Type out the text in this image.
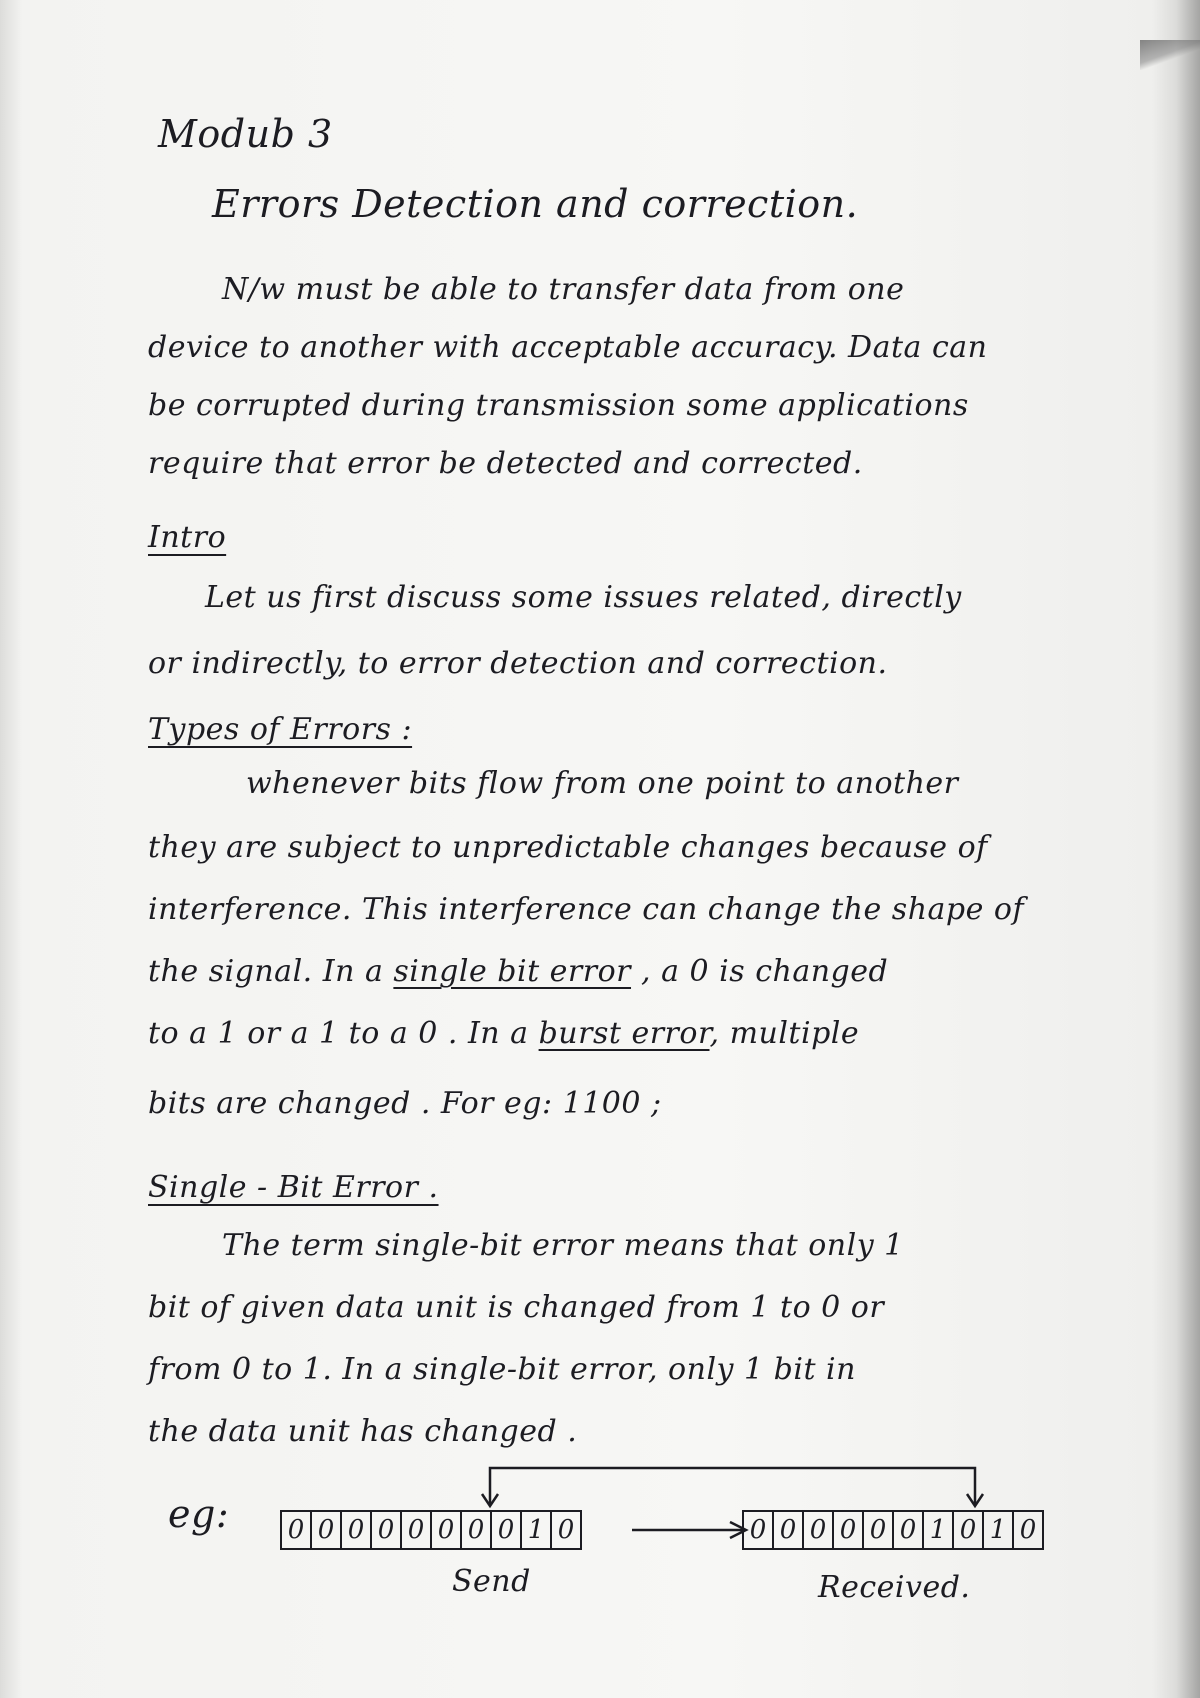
Modub 3
Errors Detection and correction.
N/w must be able to transfer data from one
device to another with acceptable accuracy. Data can
be corrupted during transmission some applications
require that error be detected and corrected.
Intro
Let us first discuss some issues related, directly
or indirectly, to error detection and correction.
Types of Errors :
whenever bits flow from one point to another
they are subject to unpredictable changes because of
interference. This interference can change the shape of
the signal. In a single bit error , a 0 is changed
to a 1 or a 1 to a 0 . In a burst error, multiple
bits are changed . For eg: 1100 ;
Single - Bit Error .
The term single-bit error means that only 1
bit of given data unit is changed from 1 to 0 or
from 0 to 1. In a single-bit error, only 1 bit in
the data unit has changed .
eg: 0 0 0 0 0 0 0 0 1 0	0 0 0 0 0 0 1 0 1 0
Send	Received.
